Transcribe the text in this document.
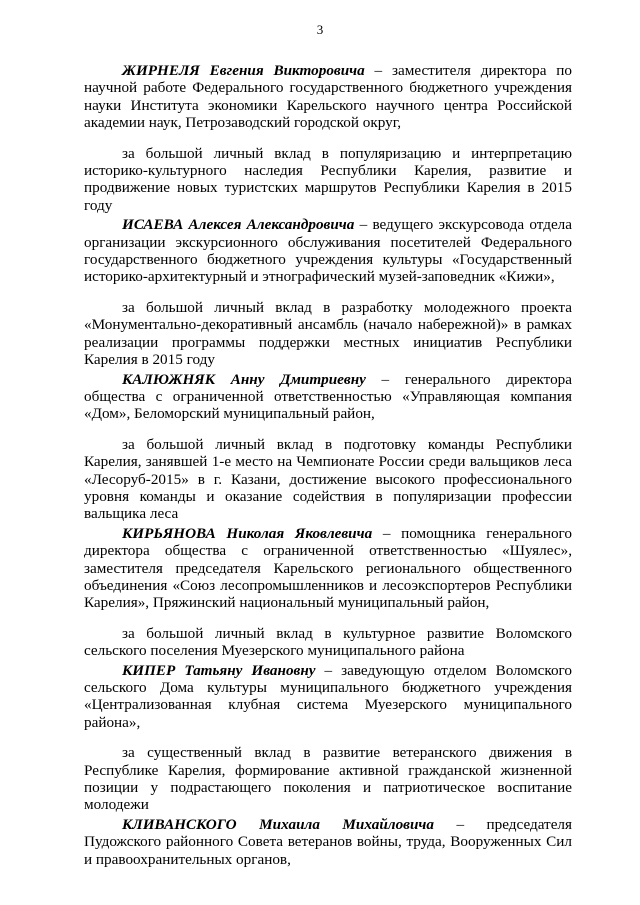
3

ЖИРНЕЛЯ Евгения Викторовича – заместителя директора по научной работе Федерального государственного бюджетного учреждения науки Института экономики Карельского научного центра Российской академии наук, Петрозаводский городской округ,

за большой личный вклад в популяризацию и интерпретацию историко-культурного наследия Республики Карелия, развитие и продвижение новых туристских маршрутов Республики Карелия в 2015 году

ИСАЕВА Алексея Александровича – ведущего экскурсовода отдела организации экскурсионного обслуживания посетителей Федерального государственного бюджетного учреждения культуры «Государственный историко-архитектурный и этнографический музей-заповедник «Кижи»,

за большой личный вклад в разработку молодежного проекта «Монументально-декоративный ансамбль (начало набережной)» в рамках реализации программы поддержки местных инициатив Республики Карелия в 2015 году

КАЛЮЖНЯК Анну Дмитриевну – генерального директора общества с ограниченной ответственностью «Управляющая компания «Дом», Беломорский муниципальный район,

за большой личный вклад в подготовку команды Республики Карелия, занявшей 1-е место на Чемпионате России среди вальщиков леса «Лесоруб-2015» в г. Казани, достижение высокого профессионального уровня команды и оказание содействия в популяризации профессии вальщика леса

КИРЬЯНОВА Николая Яковлевича – помощника генерального директора общества с ограниченной ответственностью «Шуялес», заместителя председателя Карельского регионального общественного объединения «Союз лесопромышленников и лесоэкспортеров Республики Карелия», Пряжинский национальный муниципальный район,

за большой личный вклад в культурное развитие Воломского сельского поселения Муезерского муниципального района

КИПЕР Татьяну Ивановну – заведующую отделом Воломского сельского Дома культуры муниципального бюджетного учреждения «Централизованная клубная система Муезерского муниципального района»,

за существенный вклад в развитие ветеранского движения в Республике Карелия, формирование активной гражданской жизненной позиции у подрастающего поколения и патриотическое воспитание молодежи

КЛИВАНСКОГО Михаила Михайловича – председателя Пудожского районного Совета ветеранов войны, труда, Вооруженных Сил и правоохранительных органов,
